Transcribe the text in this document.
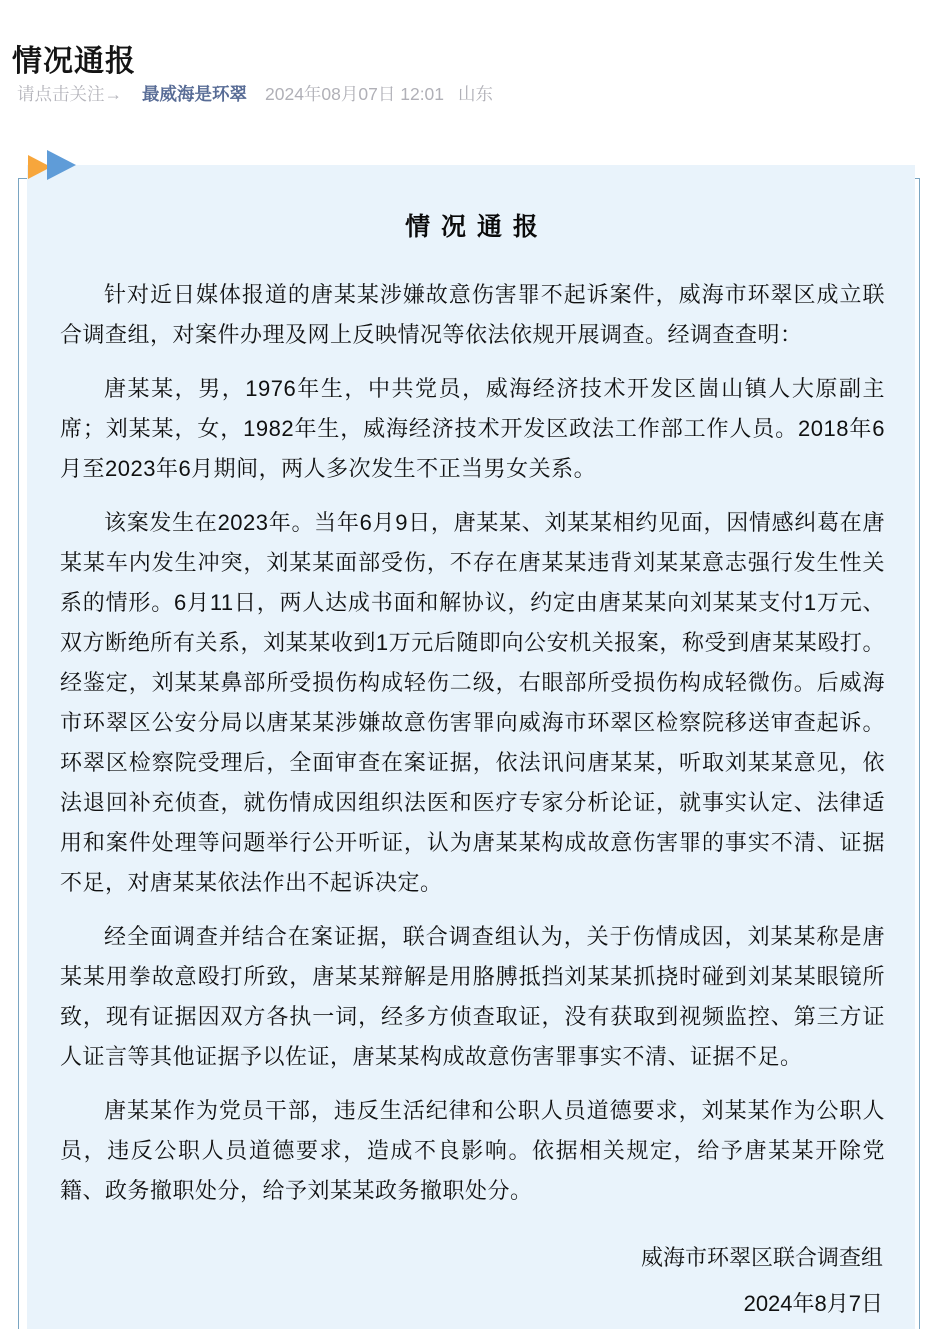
情况通报
请点击关注→ 最威海是环翠 2024年08月07日 12:01 山东
情 况 通 报

针对近日媒体报道的唐某某涉嫌故意伤害罪不起诉案件，威海市环翠区成立联合调查组，对案件办理及网上反映情况等依法依规开展调查。经调查查明：

唐某某，男，1976年生，中共党员，威海经济技术开发区崮山镇人大原副主席；刘某某，女，1982年生，威海经济技术开发区政法工作部工作人员。2018年6月至2023年6月期间，两人多次发生不正当男女关系。

该案发生在2023年。当年6月9日，唐某某、刘某某相约见面，因情感纠葛在唐某某车内发生冲突，刘某某面部受伤，不存在唐某某违背刘某某意志强行发生性关系的情形。6月11日，两人达成书面和解协议，约定由唐某某向刘某某支付1万元、双方断绝所有关系，刘某某收到1万元后随即向公安机关报案，称受到唐某某殴打。经鉴定，刘某某鼻部所受损伤构成轻伤二级，右眼部所受损伤构成轻微伤。后威海市环翠区公安分局以唐某某涉嫌故意伤害罪向威海市环翠区检察院移送审查起诉。环翠区检察院受理后，全面审查在案证据，依法讯问唐某某，听取刘某某意见，依法退回补充侦查，就伤情成因组织法医和医疗专家分析论证，就事实认定、法律适用和案件处理等问题举行公开听证，认为唐某某构成故意伤害罪的事实不清、证据不足，对唐某某依法作出不起诉决定。

经全面调查并结合在案证据，联合调查组认为，关于伤情成因，刘某某称是唐某某用拳故意殴打所致，唐某某辩解是用胳膊抵挡刘某某抓挠时碰到刘某某眼镜所致，现有证据因双方各执一词，经多方侦查取证，没有获取到视频监控、第三方证人证言等其他证据予以佐证，唐某某构成故意伤害罪事实不清、证据不足。

唐某某作为党员干部，违反生活纪律和公职人员道德要求，刘某某作为公职人员，违反公职人员道德要求，造成不良影响。依据相关规定，给予唐某某开除党籍、政务撤职处分，给予刘某某政务撤职处分。

威海市环翠区联合调查组
2024年8月7日
